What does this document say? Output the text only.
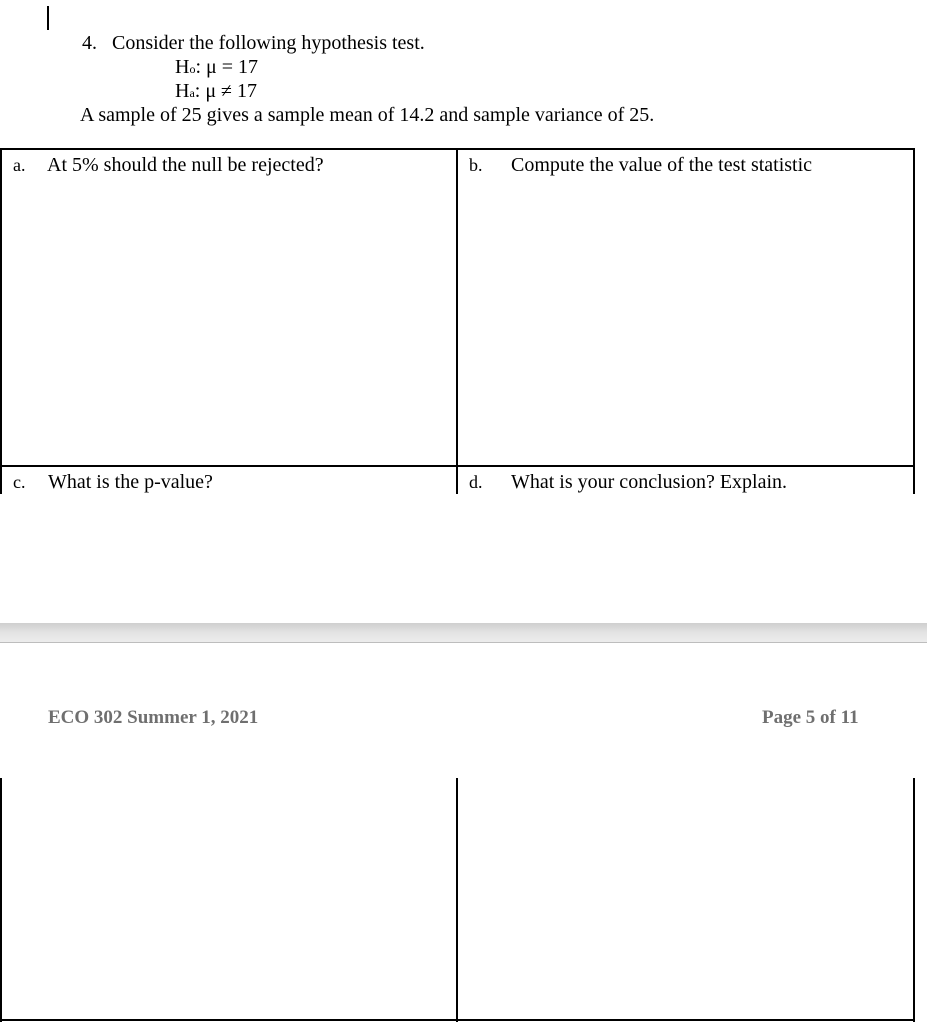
4. Consider the following hypothesis test.
Ho: μ = 17
Ha: μ ≠ 17
A sample of 25 gives a sample mean of 14.2 and sample variance of 25.
a. At 5% should the null be rejected?	b. Compute the value of the test statistic
c. What is the p-value?	d. What is your conclusion? Explain.
ECO 302 Summer 1, 2021	Page 5 of 11
